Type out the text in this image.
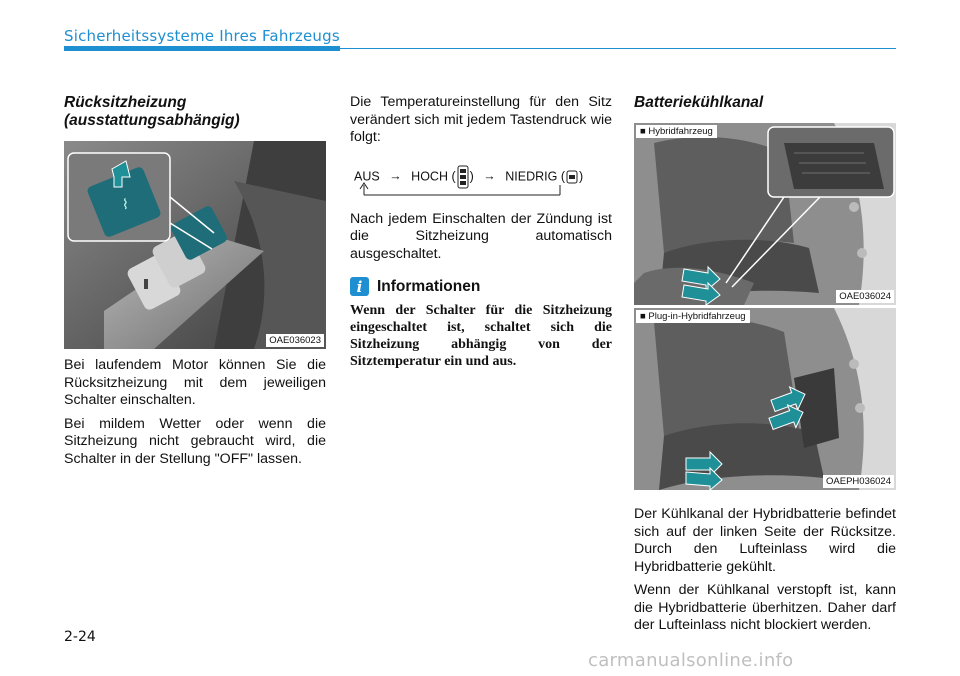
Sicherheitssysteme Ihres Fahrzeugs

Rücksitzheizung
(ausstattungsabhängig)

⌇
OAE036023

Bei laufendem Motor können Sie die Rücksitzheizung mit dem jeweiligen Schalter einschalten.

Bei mildem Wetter oder wenn die Sitzheizung nicht gebraucht wird, die Schalter in der Stellung "OFF" lassen.

Die Temperatureinstellung für den Sitz verändert sich mit jedem Tastendruck wie folgt:

AUS → HOCH ( ) → NIEDRIG ( )

Nach jedem Einschalten der Zündung ist die Sitzheizung automatisch ausgeschaltet.

i Informationen
Wenn der Schalter für die Sitzheizung eingeschaltet ist, schaltet sich die Sitzheizung abhängig von der Sitztemperatur ein und aus.

Batteriekühlkanal

■ Hybridfahrzeug
OAE036024
■ Plug-in-Hybridfahrzeug
OAEPH036024

Der Kühlkanal der Hybridbatterie befindet sich auf der linken Seite der Rücksitze. Durch den Lufteinlass wird die Hybridbatterie gekühlt.

Wenn der Kühlkanal verstopft ist, kann die Hybridbatterie überhitzen. Daher darf der Lufteinlass nicht blockiert werden.

2-24
carmanualsonline.info
